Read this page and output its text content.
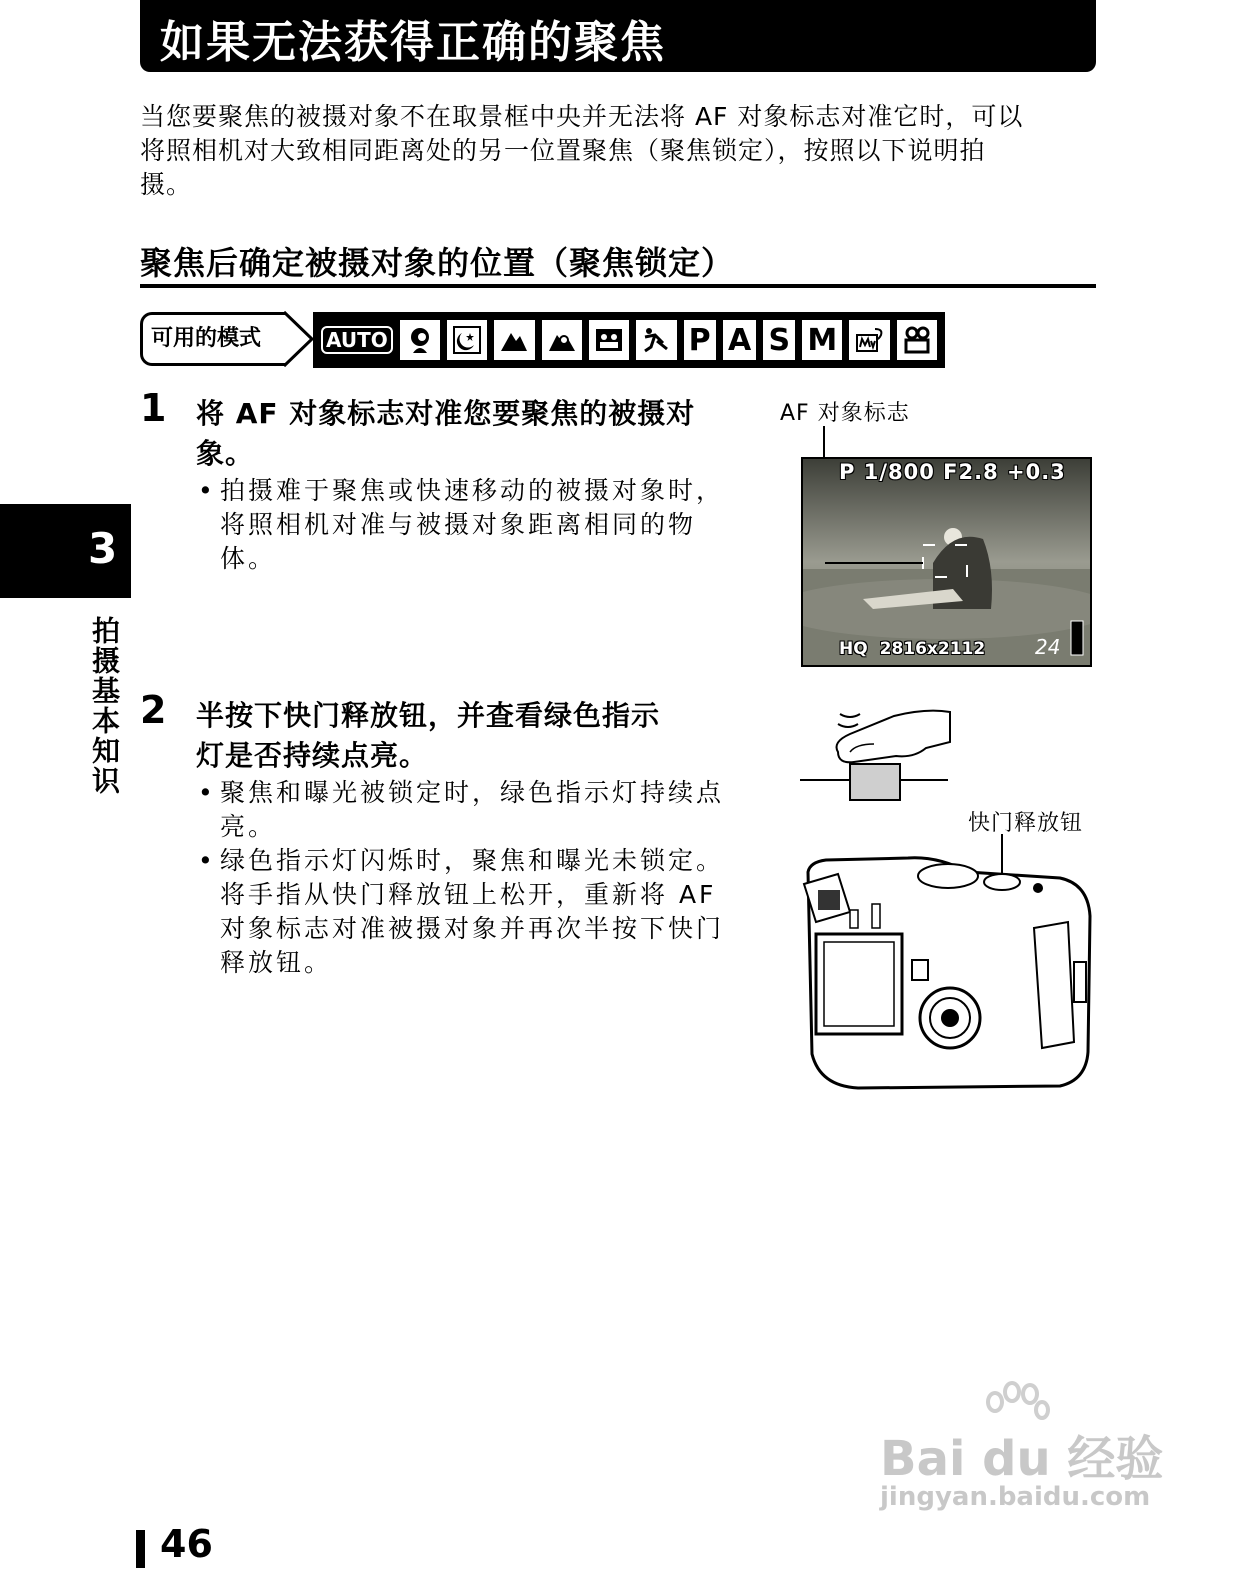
如果无法获得正确的聚焦
当您要聚焦的被摄对象不在取景框中央并无法将 AF 对象标志对准它时，可以
将照相机对大致相同距离处的另一位置聚焦（聚焦锁定），按照以下说明拍
摄。
聚焦后确定被摄对象的位置（聚焦锁定）
可用的模式	AUTO	P A S M
1 将 AF 对象标志对准您要聚焦的被摄对
象。
• 拍摄难于聚焦或快速移动的被摄对象时，
将照相机对准与被摄对象距离相同的物
体。
2 半按下快门释放钮，并查看绿色指示
灯是否持续点亮。
• 聚焦和曝光被锁定时，绿色指示灯持续点
亮。
• 绿色指示灯闪烁时，聚焦和曝光未锁定。
将手指从快门释放钮上松开，重新将 AF
对象标志对准被摄对象并再次半按下快门
释放钮。
3
拍摄基本知识
AF 对象标志
P 1/800 F2.8 +0.3
HQ 2816x2112 24
快门释放钮
46
Bai du 经验
jingyan.baidu.com
